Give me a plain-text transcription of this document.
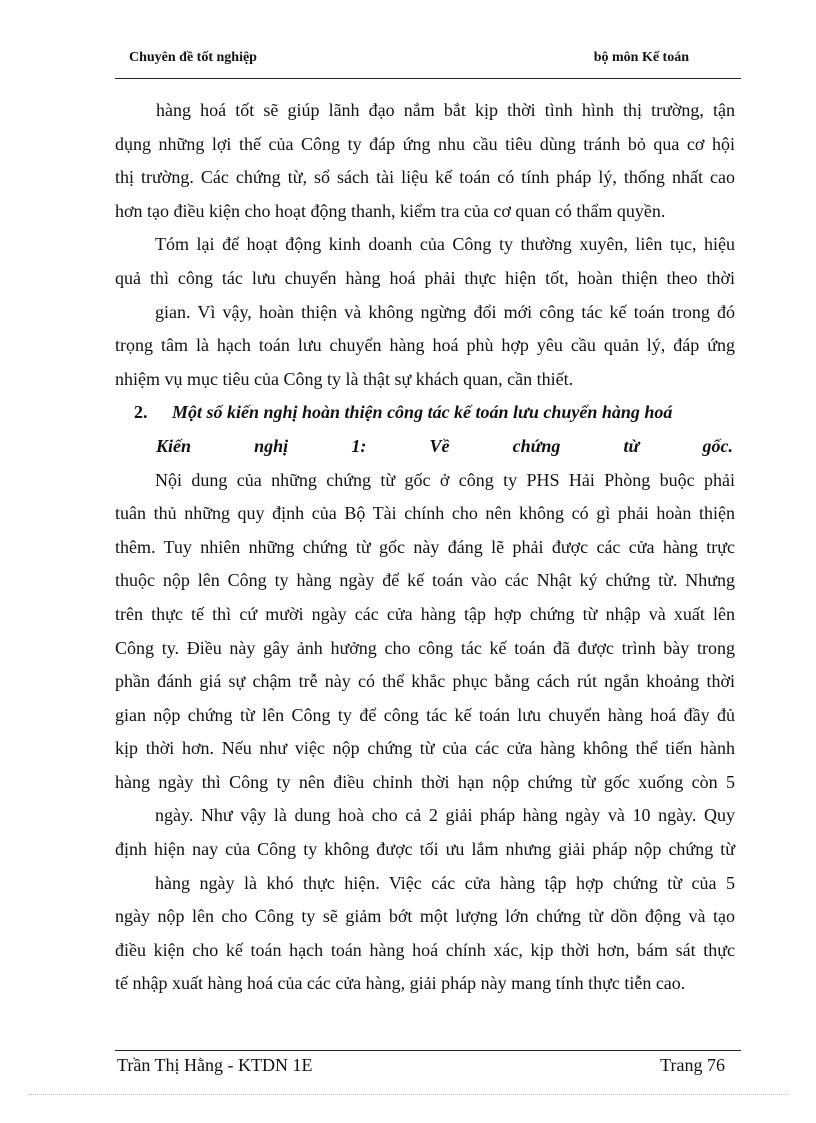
Chuyên đề tốt nghiệp	bộ môn Kế toán
hàng hoá tốt sẽ giúp lãnh đạo nắm bắt kịp thời tình hình thị trường, tận
dụng những lợi thế của Công ty đáp ứng nhu cầu tiêu dùng tránh bỏ qua cơ hội
thị trường. Các chứng từ, sổ sách tài liệu kế toán có tính pháp lý, thống nhất cao
hơn tạo điều kiện cho hoạt động thanh, kiểm tra của cơ quan có thẩm quyền.
Tóm lại để hoạt động kinh doanh của Công ty thường xuyên, liên tục, hiệu
quả thì công tác lưu chuyển hàng hoá phải thực hiện tốt, hoàn thiện theo thời
gian. Vì vậy, hoàn thiện và không ngừng đổi mới công tác kế toán trong đó
trọng tâm là hạch toán lưu chuyển hàng hoá phù hợp yêu cầu quản lý, đáp ứng
nhiệm vụ mục tiêu của Công ty là thật sự khách quan, cần thiết.
2. Một số kiến nghị hoàn thiện công tác kế toán lưu chuyển hàng hoá
Kiến	nghị	1:	Về	chứng	từ	gốc.
Nội dung của những chứng từ gốc ở công ty PHS Hải Phòng buộc phải
tuân thủ những quy định của Bộ Tài chính cho nên không có gì phải hoàn thiện
thêm. Tuy nhiên những chứng từ gốc này đáng lẽ phải được các cửa hàng trực
thuộc nộp lên Công ty hàng ngày để kế toán vào các Nhật ký chứng từ. Nhưng
trên thực tế thì cứ mười ngày các cửa hàng tập hợp chứng từ nhập và xuất lên
Công ty. Điều này gây ảnh hưởng cho công tác kế toán đã được trình bày trong
phần đánh giá sự chậm trễ này có thể khắc phục bằng cách rút ngắn khoảng thời
gian nộp chứng từ lên Công ty để công tác kế toán lưu chuyển hàng hoá đầy đủ
kịp thời hơn. Nếu như việc nộp chứng từ của các cửa hàng không thể tiến hành
hàng ngày thì Công ty nên điều chỉnh thời hạn nộp chứng từ gốc xuống còn 5
ngày. Như vậy là dung hoà cho cả 2 giải pháp hàng ngày và 10 ngày. Quy
định hiện nay của Công ty không được tối ưu lắm nhưng giải pháp nộp chứng từ
hàng ngày là khó thực hiện. Việc các cửa hàng tập hợp chứng từ của 5
ngày nộp lên cho Công ty sẽ giảm bớt một lượng lớn chứng từ dồn động và tạo
điều kiện cho kế toán hạch toán hàng hoá chính xác, kịp thời hơn, bám sát thực
tế nhập xuất hàng hoá của các cửa hàng, giải pháp này mang tính thực tiễn cao.
Trần Thị Hằng - KTDN 1E	Trang 76
